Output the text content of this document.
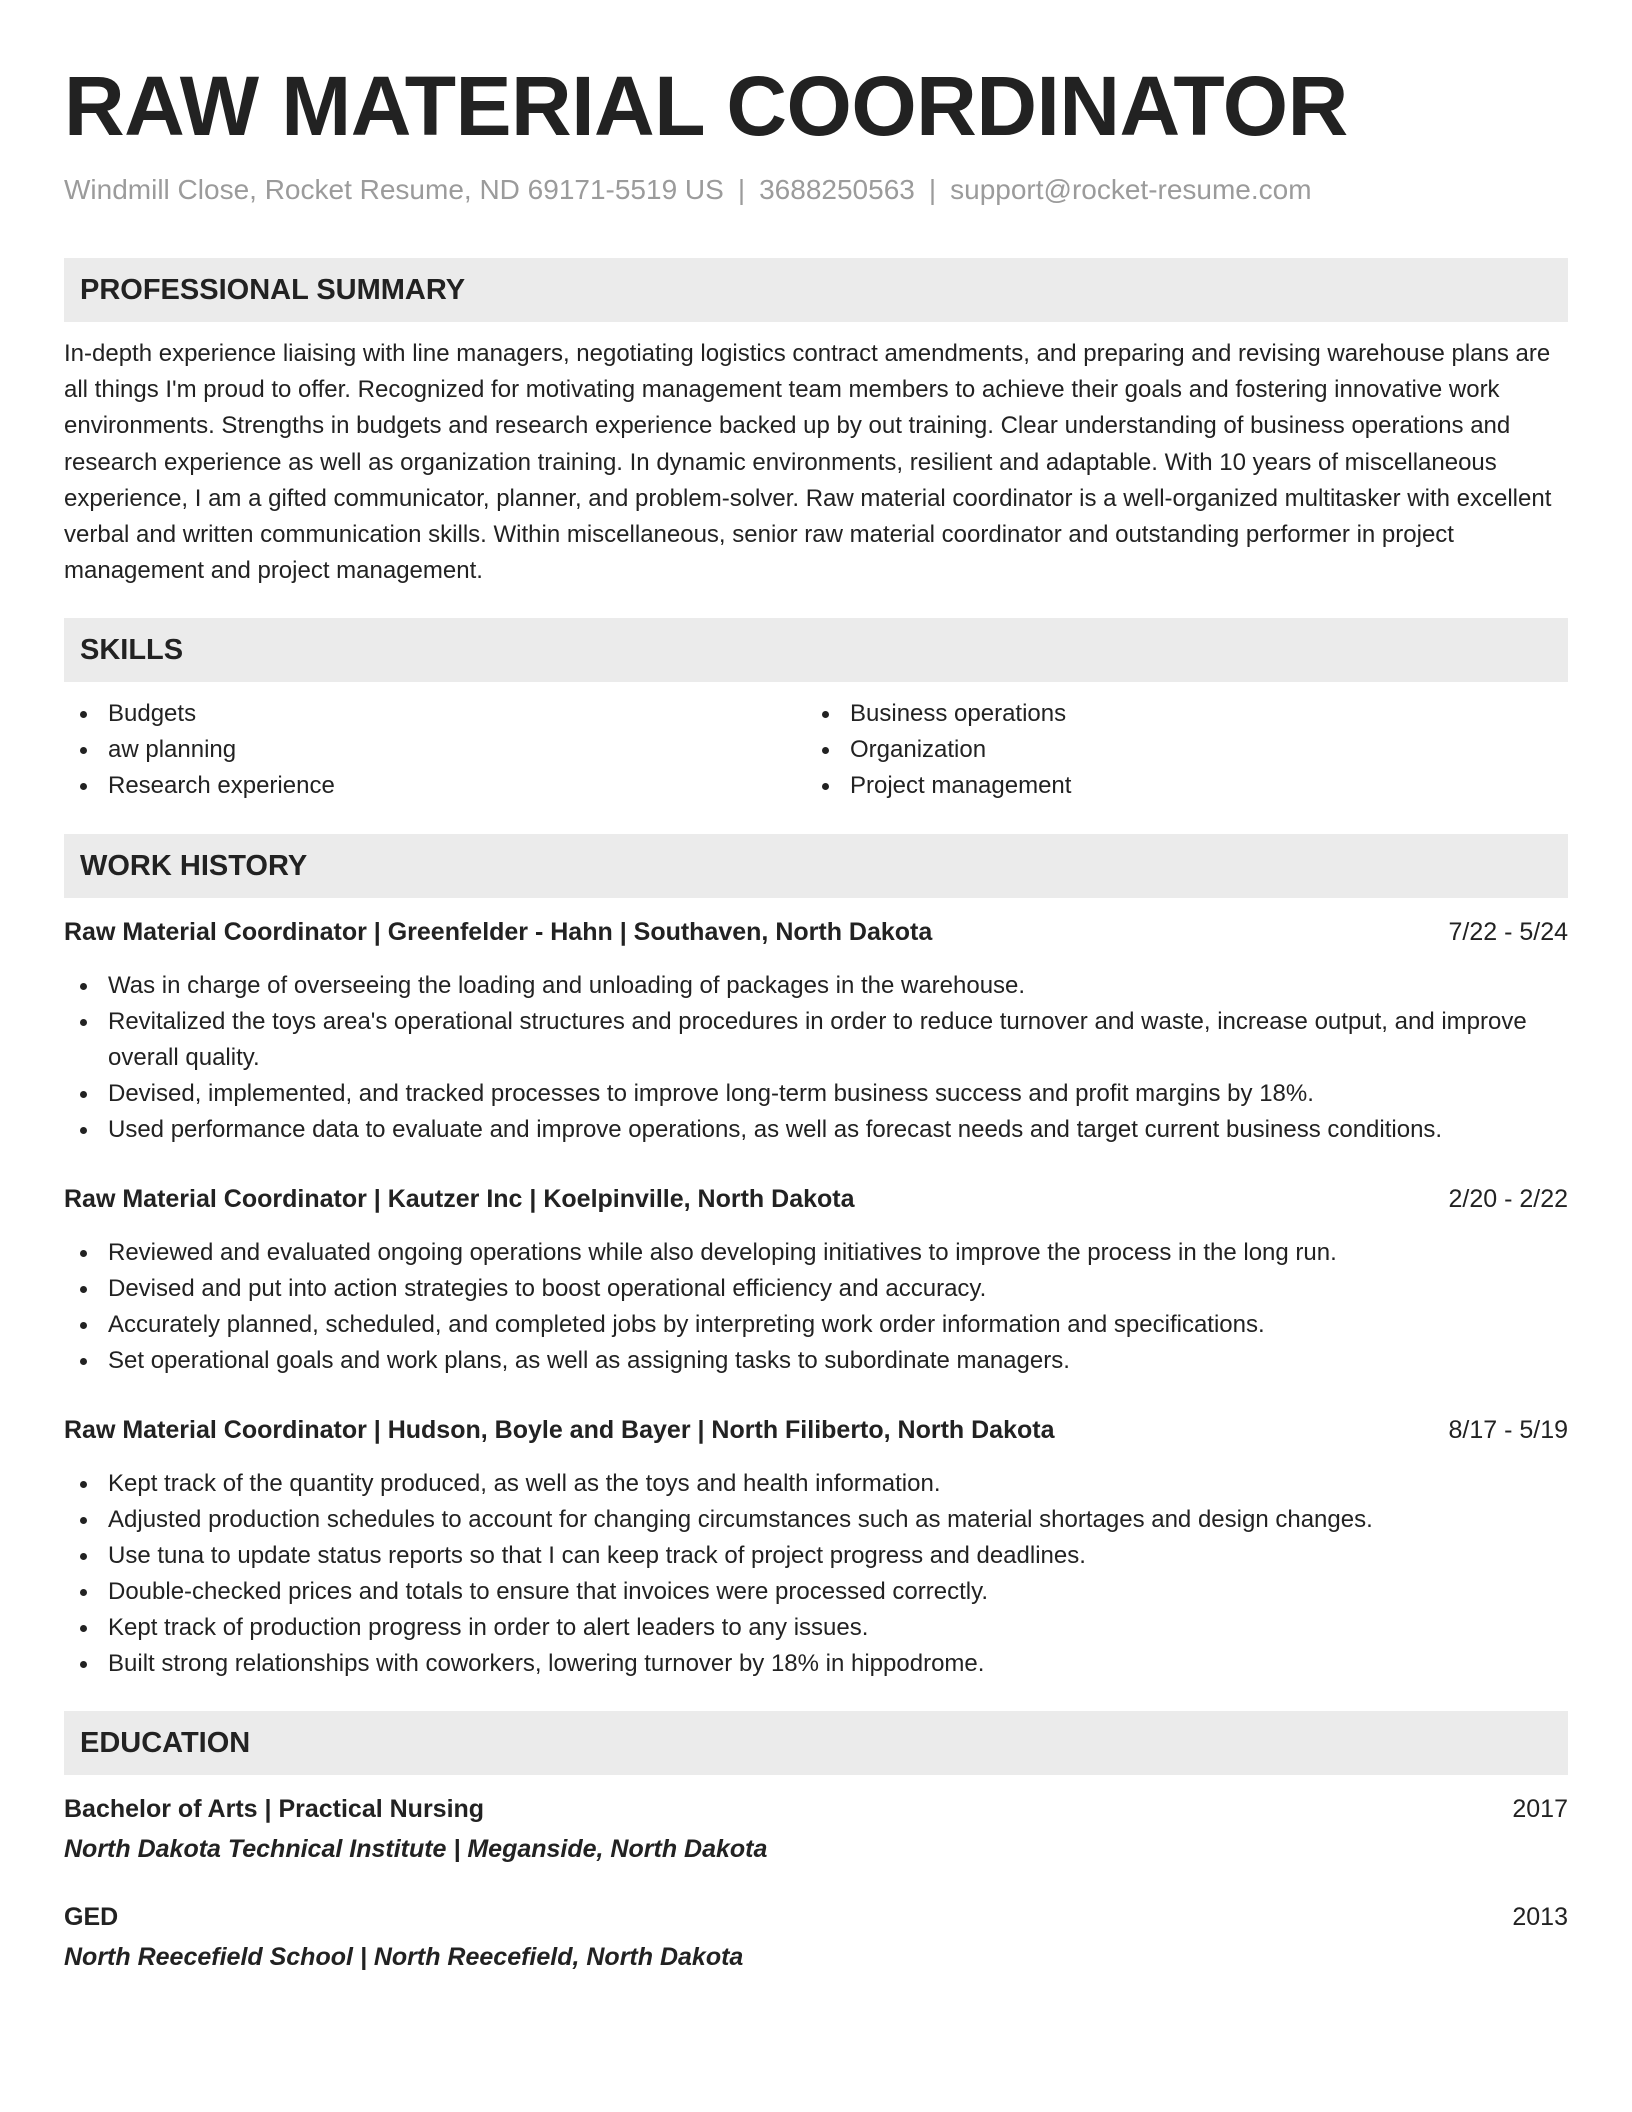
RAW MATERIAL COORDINATOR
Windmill Close, Rocket Resume, ND 69171-5519 US | 3688250563 | support@rocket-resume.com
PROFESSIONAL SUMMARY
In-depth experience liaising with line managers, negotiating logistics contract amendments, and preparing and revising warehouse plans are all things I'm proud to offer. Recognized for motivating management team members to achieve their goals and fostering innovative work environments. Strengths in budgets and research experience backed up by out training. Clear understanding of business operations and research experience as well as organization training. In dynamic environments, resilient and adaptable. With 10 years of miscellaneous experience, I am a gifted communicator, planner, and problem-solver. Raw material coordinator is a well-organized multitasker with excellent verbal and written communication skills. Within miscellaneous, senior raw material coordinator and outstanding performer in project management and project management.
SKILLS
Budgets
aw planning
Research experience
Business operations
Organization
Project management
WORK HISTORY
Raw Material Coordinator | Greenfelder - Hahn | Southaven, North Dakota	7/22 - 5/24
Was in charge of overseeing the loading and unloading of packages in the warehouse.
Revitalized the toys area's operational structures and procedures in order to reduce turnover and waste, increase output, and improve overall quality.
Devised, implemented, and tracked processes to improve long-term business success and profit margins by 18%.
Used performance data to evaluate and improve operations, as well as forecast needs and target current business conditions.
Raw Material Coordinator | Kautzer Inc | Koelpinville, North Dakota	2/20 - 2/22
Reviewed and evaluated ongoing operations while also developing initiatives to improve the process in the long run.
Devised and put into action strategies to boost operational efficiency and accuracy.
Accurately planned, scheduled, and completed jobs by interpreting work order information and specifications.
Set operational goals and work plans, as well as assigning tasks to subordinate managers.
Raw Material Coordinator | Hudson, Boyle and Bayer | North Filiberto, North Dakota	8/17 - 5/19
Kept track of the quantity produced, as well as the toys and health information.
Adjusted production schedules to account for changing circumstances such as material shortages and design changes.
Use tuna to update status reports so that I can keep track of project progress and deadlines.
Double-checked prices and totals to ensure that invoices were processed correctly.
Kept track of production progress in order to alert leaders to any issues.
Built strong relationships with coworkers, lowering turnover by 18% in hippodrome.
EDUCATION
Bachelor of Arts | Practical Nursing	2017
North Dakota Technical Institute | Meganside, North Dakota
GED	2013
North Reecefield School | North Reecefield, North Dakota
